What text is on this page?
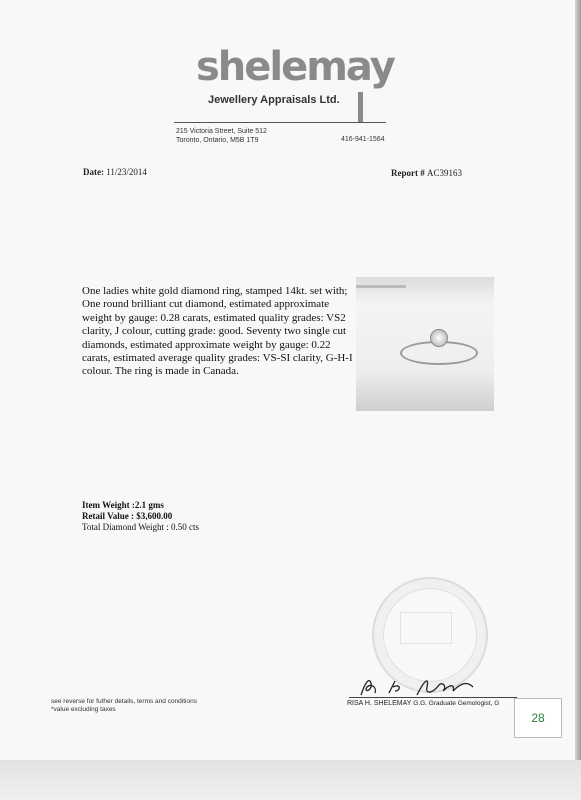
shelemay
Jewellery Appraisals Ltd.
215 Victoria Street, Suite 512
Toronto, Ontario, M5B 1T9	416-941-1564
Date: 11/23/2014	Report # AC39163
One ladies white gold diamond ring, stamped 14kt. set with; One round brilliant cut diamond, estimated approximate weight by gauge: 0.28 carats, estimated quality grades: VS2 clarity, J colour, cutting grade: good. Seventy two single cut diamonds, estimated approximate weight by gauge: 0.22 carats, estimated average quality grades: VS-SI clarity, G-H-I colour. The ring is made in Canada.
Item Weight :2.1 gms
Retail Value : $3,600.00
Total Diamond Weight : 0.50 cts
RISA H. SHELEMAY G.G. Graduate Gemologist, G
see reverse for futher details, terms and conditions
*value excluding taxes
28
